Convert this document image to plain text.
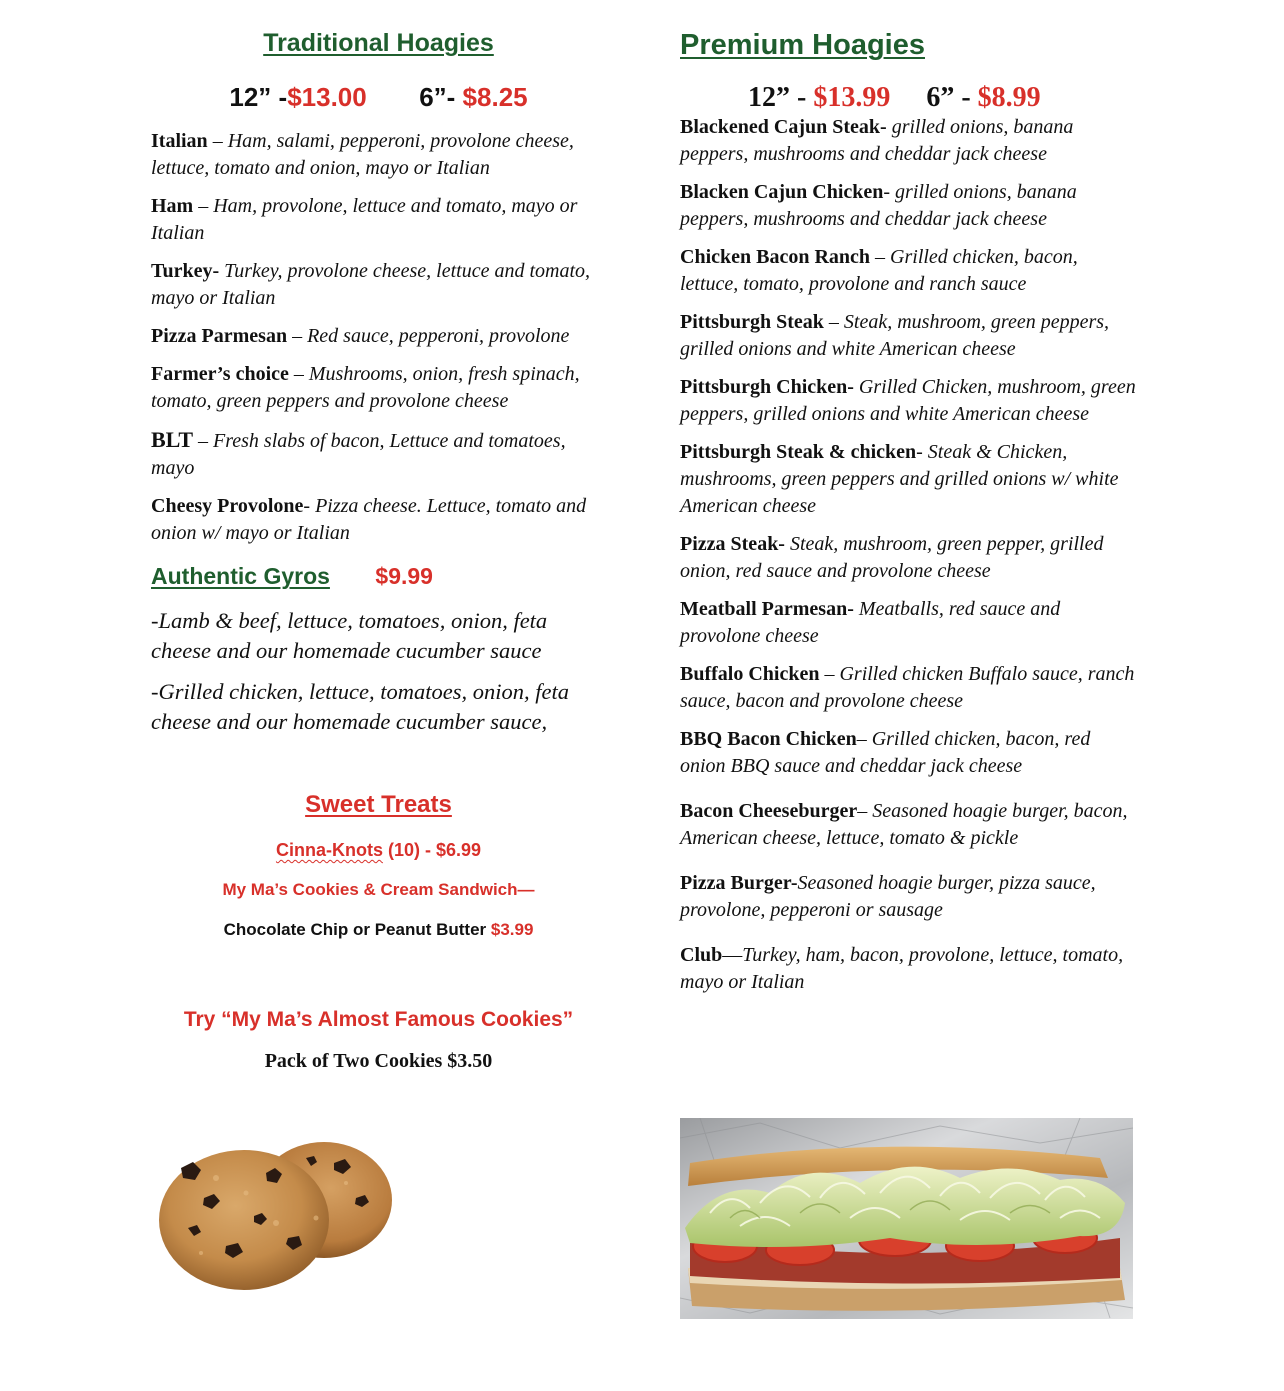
Traditional Hoagies
12” -$13.00 6”- $8.25
Italian – Ham, salami, pepperoni, provolone cheese, lettuce, tomato and onion, mayo or Italian
Ham – Ham, provolone, lettuce and tomato, mayo or Italian
Turkey- Turkey, provolone cheese, lettuce and tomato, mayo or Italian
Pizza Parmesan – Red sauce, pepperoni, provolone
Farmer’s choice – Mushrooms, onion, fresh spinach, tomato, green peppers and provolone cheese
BLT – Fresh slabs of bacon, Lettuce and tomatoes, mayo
Cheesy Provolone- Pizza cheese. Lettuce, tomato and onion w/ mayo or Italian
Authentic Gyros $9.99
-Lamb & beef, lettuce, tomatoes, onion, feta cheese and our homemade cucumber sauce
-Grilled chicken, lettuce, tomatoes, onion, feta cheese and our homemade cucumber sauce,
Sweet Treats
Cinna-Knots (10) - $6.99
My Ma’s Cookies & Cream Sandwich—
Chocolate Chip or Peanut Butter $3.99
Try “My Ma’s Almost Famous Cookies”
Pack of Two Cookies $3.50
Premium Hoagies
12” - $13.99 6” - $8.99
Blackened Cajun Steak- grilled onions, banana peppers, mushrooms and cheddar jack cheese
Blacken Cajun Chicken- grilled onions, banana peppers, mushrooms and cheddar jack cheese
Chicken Bacon Ranch – Grilled chicken, bacon, lettuce, tomato, provolone and ranch sauce
Pittsburgh Steak – Steak, mushroom, green peppers, grilled onions and white American cheese
Pittsburgh Chicken- Grilled Chicken, mushroom, green peppers, grilled onions and white American cheese
Pittsburgh Steak & chicken- Steak & Chicken, mushrooms, green peppers and grilled onions w/ white American cheese
Pizza Steak- Steak, mushroom, green pepper, grilled onion, red sauce and provolone cheese
Meatball Parmesan- Meatballs, red sauce and provolone cheese
Buffalo Chicken – Grilled chicken Buffalo sauce, ranch sauce, bacon and provolone cheese
BBQ Bacon Chicken– Grilled chicken, bacon, red onion BBQ sauce and cheddar jack cheese
Bacon Cheeseburger– Seasoned hoagie burger, bacon, American cheese, lettuce, tomato & pickle
Pizza Burger-Seasoned hoagie burger, pizza sauce, provolone, pepperoni or sausage
Club—Turkey, ham, bacon, provolone, lettuce, tomato, mayo or Italian
